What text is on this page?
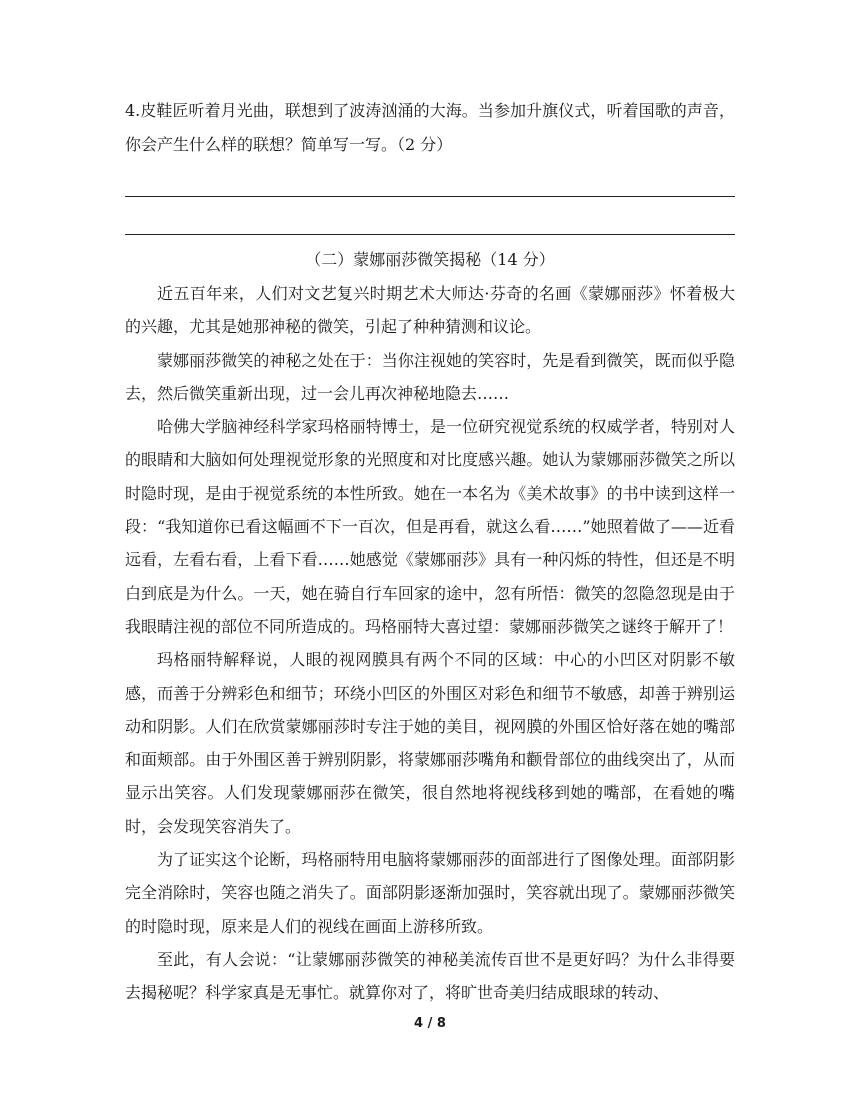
4.皮鞋匠听着月光曲，联想到了波涛汹涌的大海。当参加升旗仪式，听着国歌的声音，你会产生什么样的联想？简单写一写。（2 分）

（二）蒙娜丽莎微笑揭秘（14 分）

近五百年来，人们对文艺复兴时期艺术大师达·芬奇的名画《蒙娜丽莎》怀着极大的兴趣，尤其是她那神秘的微笑，引起了种种猜测和议论。

蒙娜丽莎微笑的神秘之处在于：当你注视她的笑容时，先是看到微笑，既而似乎隐去，然后微笑重新出现，过一会儿再次神秘地隐去……

哈佛大学脑神经科学家玛格丽特博士，是一位研究视觉系统的权威学者，特别对人的眼睛和大脑如何处理视觉形象的光照度和对比度感兴趣。她认为蒙娜丽莎微笑之所以时隐时现，是由于视觉系统的本性所致。她在一本名为《美术故事》的书中读到这样一段：“我知道你已看这幅画不下一百次，但是再看，就这么看……”她照着做了——近看远看，左看右看，上看下看……她感觉《蒙娜丽莎》具有一种闪烁的特性，但还是不明白到底是为什么。一天，她在骑自行车回家的途中，忽有所悟：微笑的忽隐忽现是由于我眼睛注视的部位不同所造成的。玛格丽特大喜过望：蒙娜丽莎微笑之谜终于解开了！

玛格丽特解释说，人眼的视网膜具有两个不同的区域：中心的小凹区对阴影不敏感，而善于分辨彩色和细节；环绕小凹区的外围区对彩色和细节不敏感，却善于辨别运动和阴影。人们在欣赏蒙娜丽莎时专注于她的美目，视网膜的外围区恰好落在她的嘴部和面颊部。由于外围区善于辨别阴影，将蒙娜丽莎嘴角和颧骨部位的曲线突出了，从而显示出笑容。人们发现蒙娜丽莎在微笑，很自然地将视线移到她的嘴部，在看她的嘴时，会发现笑容消失了。

为了证实这个论断，玛格丽特用电脑将蒙娜丽莎的面部进行了图像处理。面部阴影完全消除时，笑容也随之消失了。面部阴影逐渐加强时，笑容就出现了。蒙娜丽莎微笑的时隐时现，原来是人们的视线在画面上游移所致。

至此，有人会说：“让蒙娜丽莎微笑的神秘美流传百世不是更好吗？为什么非得要去揭秘呢？科学家真是无事忙。就算你对了，将旷世奇美归结成眼球的转动、

4 / 8
